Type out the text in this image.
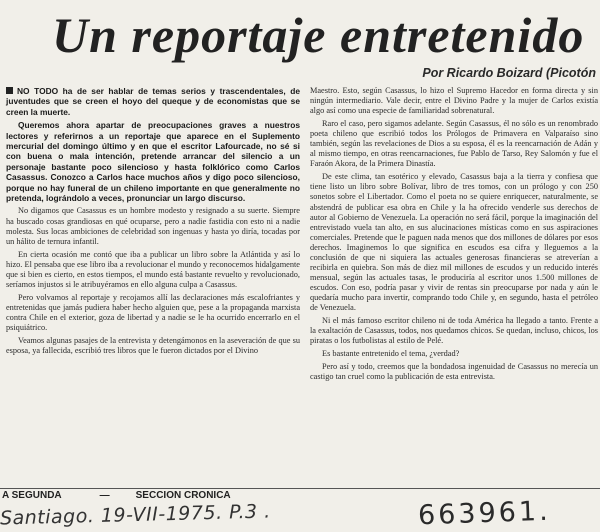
Un reportaje entretenido
Por Ricardo Boizard (Picotón

NO TODO ha de ser hablar de temas serios y trascendentales, de juventudes que se creen el hoyo del queque y de economistas que se creen la muerte.

Queremos ahora apartar de preocupaciones graves a nuestros lectores y referirnos a un reportaje que aparece en el Suplemento mercurial del domingo último y en que el escritor Lafourcade, no sé si con buena o mala intención, pretende arrancar del silencio a un personaje bastante poco silencioso y hasta folklórico como Carlos Casassus. Conozco a Carlos hace muchos años y digo poco silencioso, porque no hay funeral de un chileno importante en que generalmente no pretenda, lográndolo a veces, pronunciar un largo discurso.

No digamos que Casassus es un hombre modesto y resignado a su suerte. Siempre ha buscado cosas grandiosas en qué ocuparse, pero a nadie fastidia con esto ni a nadie molesta. Sus locas ambiciones de celebridad son ingenuas y hasta yo diría, tocadas por un hálito de ternura infantil.

En cierta ocasión me contó que iba a publicar un libro sobre la Atlántida y así lo hizo. El pensaba que ese libro iba a revolucionar el mundo y reconocemos hidalgamente que si bien es cierto, en estos tiempos, el mundo está bastante revuelto y revolucionado, seríamos injustos si le atribuyéramos en ello alguna culpa a Casassus.

Pero volvamos al reportaje y recojamos allí las declaraciones más escalofriantes y entretenidas que jamás pudiera haber hecho alguien que, pese a la propaganda marxista contra Chile en el exterior, goza de libertad y a nadie se le ha ocurrido encerrarlo en el psiquiátrico.

Veamos algunas pasajes de la entrevista y detengámonos en la aseveración de que su esposa, ya fallecida, escribió tres libros que le fueron dictados por el Divino

Maestro. Esto, según Casassus, lo hizo el Supremo Hacedor en forma directa y sin ningún intermediario. Vale decir, entre el Divino Padre y la mujer de Carlos existía algo así como una especie de familiaridad sobrenatural.

Raro el caso, pero sigamos adelante. Según Casassus, él no sólo es un renombrado poeta chileno que escribió todos los Prólogos de Primavera en Valparaíso sino también, según las revelaciones de Dios a su esposa, él es la reencarnación de Adán y al mismo tiempo, en otras reencarnaciones, fue Pablo de Tarso, Rey Salomón y fue el Faraón Akora, de la Primera Dinastía.

De este clima, tan esotérico y elevado, Casassus baja a la tierra y confiesa que tiene listo un libro sobre Bolívar, libro de tres tomos, con un prólogo y con 250 sonetos sobre el Libertador. Como el poeta no se quiere enriquecer, naturalmente, se abstendrá de publicar esa obra en Chile y la ha ofrecido venderle sus derechos de autor al Gobierno de Venezuela. La operación no será fácil, porque la imaginación del entrevistado vuela tan alto, en sus alucinaciones místicas como en sus aspiraciones comerciales. Pretende que le paguen nada menos que dos millones de dólares por esos derechos. Imaginemos lo que significa en escudos esa cifra y lleguemos a la conclusión de que ni siquiera las actuales generosas financieras se atreverían a recibirla en quiebra. Son más de diez mil millones de escudos y un reducido interés mensual, según las actuales tasas, le produciría al escritor unos 1.500 millones de escudos. Con eso, podría pasar y vivir de rentas sin preocuparse por nada y aún le quedaría mucho para invertir, comprando todo Chile y, en segundo, hasta el petróleo de Venezuela.

Ni el más famoso escritor chileno ni de toda América ha llegado a tanto. Frente a la exaltación de Casassus, todos, nos quedamos chicos. Se quedan, incluso, chicos, los piratas o los futbolistas al estilo de Pelé.

Es bastante entretenido el tema, ¿verdad?

Pero así y todo, creemos que la bondadosa ingenuidad de Casassus no merecía un castigo tan cruel como la publicación de esta entrevista.

A SEGUNDA	—	SECCION CRONICA
Santiago. 19-VII-1975. P.3 .	663961.
